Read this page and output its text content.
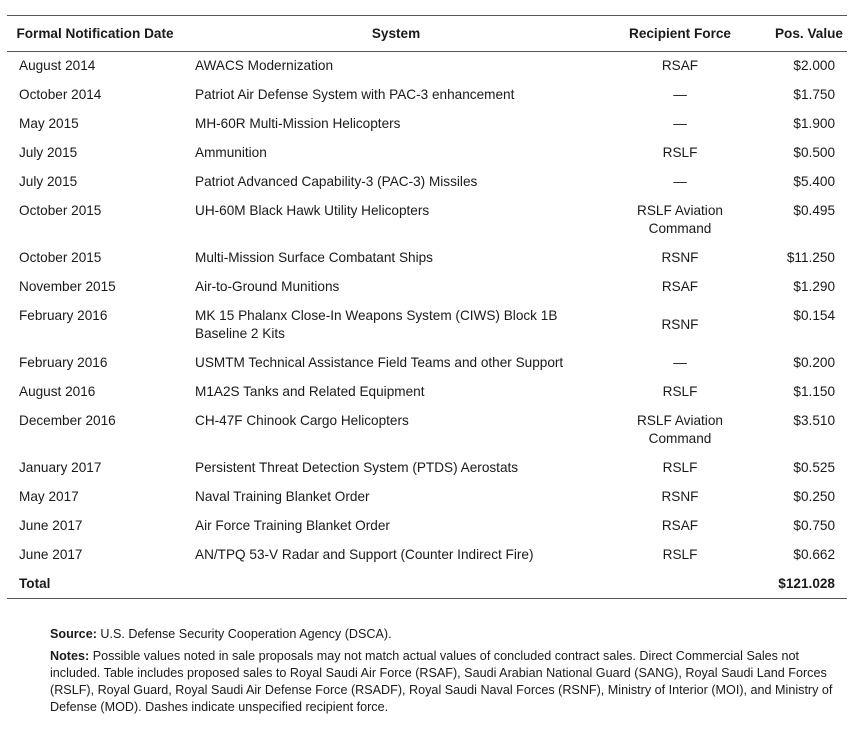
Formal Notification Date	System	Recipient Force	Pos. Value
August 2014	AWACS Modernization	RSAF	$2.000
October 2014	Patriot Air Defense System with PAC-3 enhancement	—	$1.750
May 2015	MH-60R Multi-Mission Helicopters	—	$1.900
July 2015	Ammunition	RSLF	$0.500
July 2015	Patriot Advanced Capability-3 (PAC-3) Missiles	—	$5.400
October 2015	UH-60M Black Hawk Utility Helicopters	RSLF Aviation Command	$0.495
October 2015	Multi-Mission Surface Combatant Ships	RSNF	$11.250
November 2015	Air-to-Ground Munitions	RSAF	$1.290
February 2016	MK 15 Phalanx Close-In Weapons System (CIWS) Block 1B Baseline 2 Kits	RSNF	$0.154
February 2016	USMTM Technical Assistance Field Teams and other Support	—	$0.200
August 2016	M1A2S Tanks and Related Equipment	RSLF	$1.150
December 2016	CH-47F Chinook Cargo Helicopters	RSLF Aviation Command	$3.510
January 2017	Persistent Threat Detection System (PTDS) Aerostats	RSLF	$0.525
May 2017	Naval Training Blanket Order	RSNF	$0.250
June 2017	Air Force Training Blanket Order	RSAF	$0.750
June 2017	AN/TPQ 53-V Radar and Support (Counter Indirect Fire)	RSLF	$0.662
Total			$121.028

Source: U.S. Defense Security Cooperation Agency (DSCA).

Notes: Possible values noted in sale proposals may not match actual values of concluded contract sales. Direct Commercial Sales not included. Table includes proposed sales to Royal Saudi Air Force (RSAF), Saudi Arabian National Guard (SANG), Royal Saudi Land Forces (RSLF), Royal Guard, Royal Saudi Air Defense Force (RSADF), Royal Saudi Naval Forces (RSNF), Ministry of Interior (MOI), and Ministry of Defense (MOD). Dashes indicate unspecified recipient force.
